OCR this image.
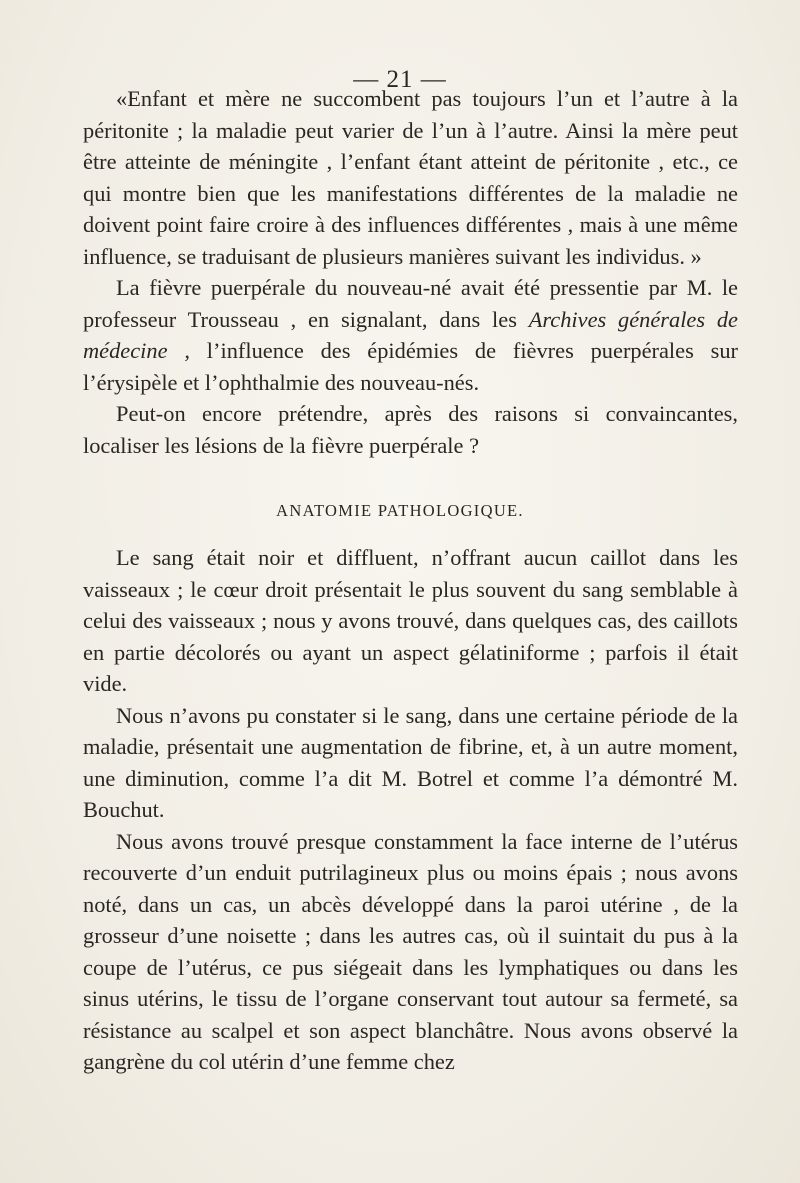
— 21 —

«Enfant et mère ne succombent pas toujours l’un et l’autre à la péritonite ; la maladie peut varier de l’un à l’autre. Ainsi la mère peut être atteinte de méningite , l’enfant étant atteint de péritonite , etc., ce qui montre bien que les manifestations différentes de la maladie ne doivent point faire croire à des influences différentes , mais à une même influence, se traduisant de plusieurs manières suivant les individus. »

La fièvre puerpérale du nouveau-né avait été pressentie par M. le professeur Trousseau , en signalant, dans les Archives générales de médecine , l’influence des épidémies de fièvres puerpérales sur l’érysipèle et l’ophthalmie des nouveau-nés.

Peut-on encore prétendre, après des raisons si convaincantes, localiser les lésions de la fièvre puerpérale ?

ANATOMIE PATHOLOGIQUE.

Le sang était noir et diffluent, n’offrant aucun caillot dans les vaisseaux ; le cœur droit présentait le plus souvent du sang semblable à celui des vaisseaux ; nous y avons trouvé, dans quelques cas, des caillots en partie décolorés ou ayant un aspect gélatiniforme ; parfois il était vide.

Nous n’avons pu constater si le sang, dans une certaine période de la maladie, présentait une augmentation de fibrine, et, à un autre moment, une diminution, comme l’a dit M. Botrel et comme l’a démontré M. Bouchut.

Nous avons trouvé presque constamment la face interne de l’utérus recouverte d’un enduit putrilagineux plus ou moins épais ; nous avons noté, dans un cas, un abcès développé dans la paroi utérine , de la grosseur d’une noisette ; dans les autres cas, où il suintait du pus à la coupe de l’utérus, ce pus siégeait dans les lymphatiques ou dans les sinus utérins, le tissu de l’organe conservant tout autour sa fermeté, sa résistance au scalpel et son aspect blanchâtre. Nous avons observé la gangrène du col utérin d’une femme chez
